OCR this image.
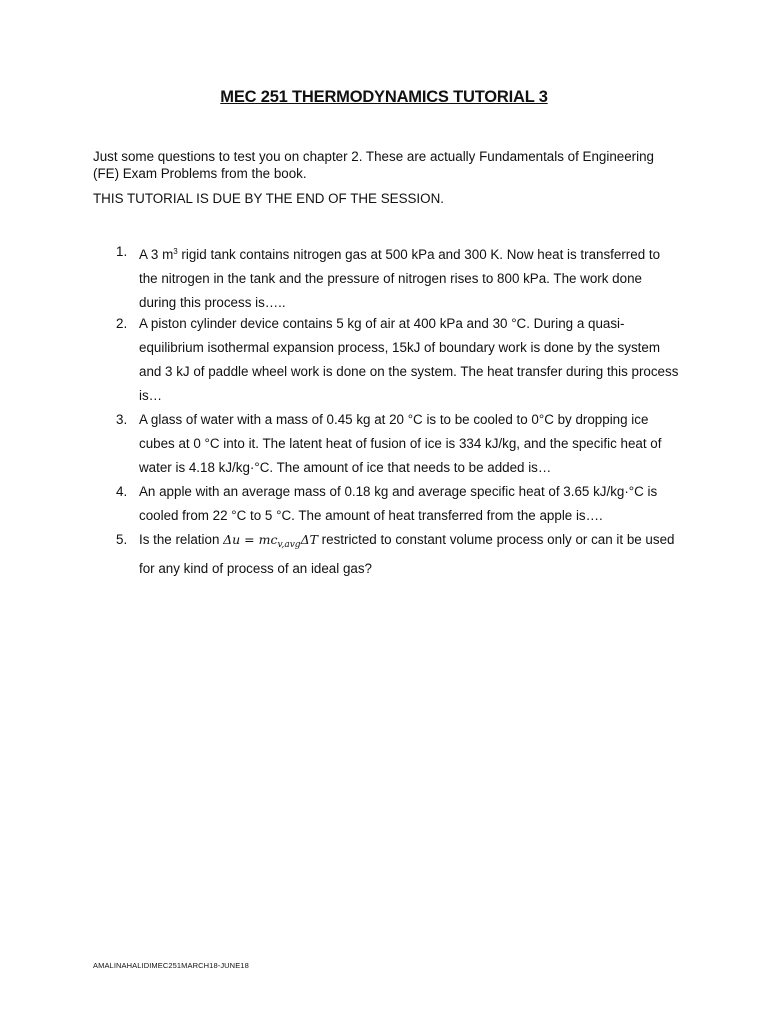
MEC 251 THERMODYNAMICS TUTORIAL 3
Just some questions to test you on chapter 2. These are actually Fundamentals of Engineering (FE) Exam Problems from the book.
THIS TUTORIAL IS DUE BY THE END OF THE SESSION.
1. A 3 $m^3$ rigid tank contains nitrogen gas at 500 kPa and 300 K. Now heat is transferred to the nitrogen in the tank and the pressure of nitrogen rises to 800 kPa. The work done during this process is…..
2. A piston cylinder device contains 5 kg of air at 400 kPa and 30 °C. During a quasi-equilibrium isothermal expansion process, 15kJ of boundary work is done by the system and 3 kJ of paddle wheel work is done on the system. The heat transfer during this process is…
3. A glass of water with a mass of 0.45 kg at 20 °C is to be cooled to 0°C by dropping ice cubes at 0 °C into it. The latent heat of fusion of ice is 334 kJ/kg, and the specific heat of water is 4.18 kJ/kg·°C. The amount of ice that needs to be added is…
4. An apple with an average mass of 0.18 kg and average specific heat of 3.65 kJ/kg·°C is cooled from 22 °C to 5 °C. The amount of heat transferred from the apple is….
5. Is the relation $\Delta u = mc_{v,avg}\Delta T$ restricted to constant volume process only or can it be used for any kind of process of an ideal gas?
AMALINAHALIDIMEC251MARCH18-JUNE18
